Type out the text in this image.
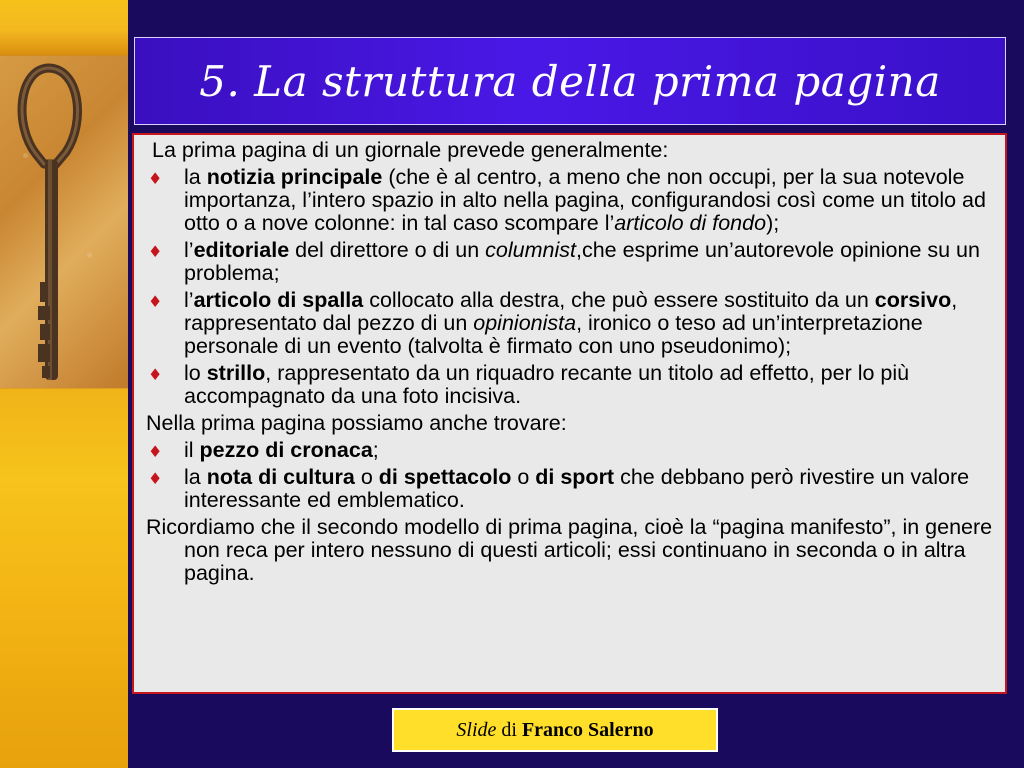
5. La struttura della prima pagina

La prima pagina di un giornale prevede generalmente:

♦ la notizia principale (che è al centro, a meno che non occupi, per la sua notevole importanza, l’intero spazio in alto nella pagina, configurandosi così come un titolo ad otto o a nove colonne: in tal caso scompare l’articolo di fondo);
♦ l’editoriale del direttore o di un columnist,che esprime un’autorevole opinione su un problema;
♦ l’articolo di spalla collocato alla destra, che può essere sostituito da un corsivo, rappresentato dal pezzo di un opinionista, ironico o teso ad un’interpretazione personale di un evento (talvolta è firmato con uno pseudonimo);
♦ lo strillo, rappresentato da un riquadro recante un titolo ad effetto, per lo più accompagnato da una foto incisiva.

Nella prima pagina possiamo anche trovare:

♦ il pezzo di cronaca;
♦ la nota di cultura o di spettacolo o di sport che debbano però rivestire un valore interessante ed emblematico.

Ricordiamo che il secondo modello di prima pagina, cioè la “pagina manifesto”, in genere non reca per intero nessuno di questi articoli; essi continuano in seconda o in altra pagina.

Slide di Franco Salerno
